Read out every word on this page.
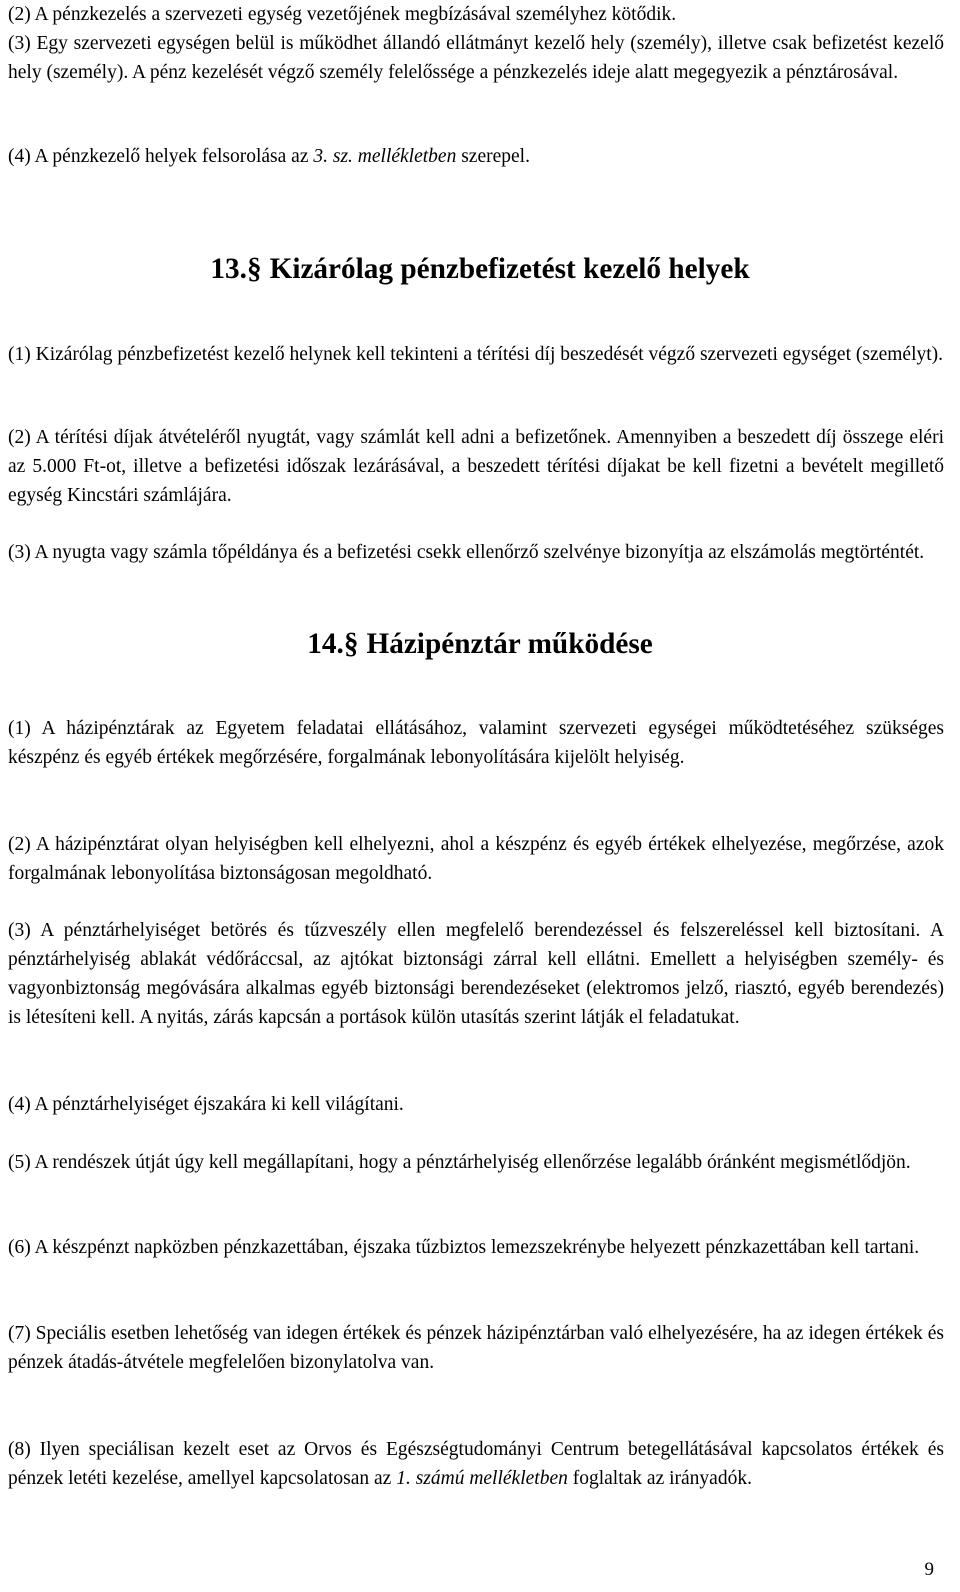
(2) A pénzkezelés a szervezeti egység vezetőjének megbízásával személyhez kötődik.

(3) Egy szervezeti egységen belül is működhet állandó ellátmányt kezelő hely (személy), illetve csak befizetést kezelő hely (személy). A pénz kezelését végző személy felelőssége a pénzkezelés ideje alatt megegyezik a pénztárosával.

(4) A pénzkezelő helyek felsorolása az 3. sz. mellékletben szerepel.

13.§ Kizárólag pénzbefizetést kezelő helyek

(1) Kizárólag pénzbefizetést kezelő helynek kell tekinteni a térítési díj beszedését végző szervezeti egységet (személyt).

(2) A térítési díjak átvételéről nyugtát, vagy számlát kell adni a befizetőnek. Amennyiben a beszedett díj összege eléri az 5.000 Ft-ot, illetve a befizetési időszak lezárásával, a beszedett térítési díjakat be kell fizetni a bevételt megillető egység Kincstári számlájára.

(3) A nyugta vagy számla tőpéldánya és a befizetési csekk ellenőrző szelvénye bizonyítja az elszámolás megtörténtét.

14.§ Házipénztár működése

(1) A házipénztárak az Egyetem feladatai ellátásához, valamint szervezeti egységei működtetéséhez szükséges készpénz és egyéb értékek megőrzésére, forgalmának lebonyolítására kijelölt helyiség.

(2) A házipénztárat olyan helyiségben kell elhelyezni, ahol a készpénz és egyéb értékek elhelyezése, megőrzése, azok forgalmának lebonyolítása biztonságosan megoldható.

(3) A pénztárhelyiséget betörés és tűzveszély ellen megfelelő berendezéssel és felszereléssel kell biztosítani. A pénztárhelyiség ablakát védőráccsal, az ajtókat biztonsági zárral kell ellátni. Emellett a helyiségben személy- és vagyonbiztonság megóvására alkalmas egyéb biztonsági berendezéseket (elektromos jelző, riasztó, egyéb berendezés) is létesíteni kell. A nyitás, zárás kapcsán a portások külön utasítás szerint látják el feladatukat.

(4) A pénztárhelyiséget éjszakára ki kell világítani.

(5) A rendészek útját úgy kell megállapítani, hogy a pénztárhelyiség ellenőrzése legalább óránként megismétlődjön.

(6) A készpénzt napközben pénzkazettában, éjszaka tűzbiztos lemezszekrénybe helyezett pénzkazettában kell tartani.

(7) Speciális esetben lehetőség van idegen értékek és pénzek házipénztárban való elhelyezésére, ha az idegen értékek és pénzek átadás-átvétele megfelelően bizonylatolva van.

(8) Ilyen speciálisan kezelt eset az Orvos és Egészségtudományi Centrum betegellátásával kapcsolatos értékek és pénzek letéti kezelése, amellyel kapcsolatosan az 1. számú mellékletben foglaltak az irányadók.

9
